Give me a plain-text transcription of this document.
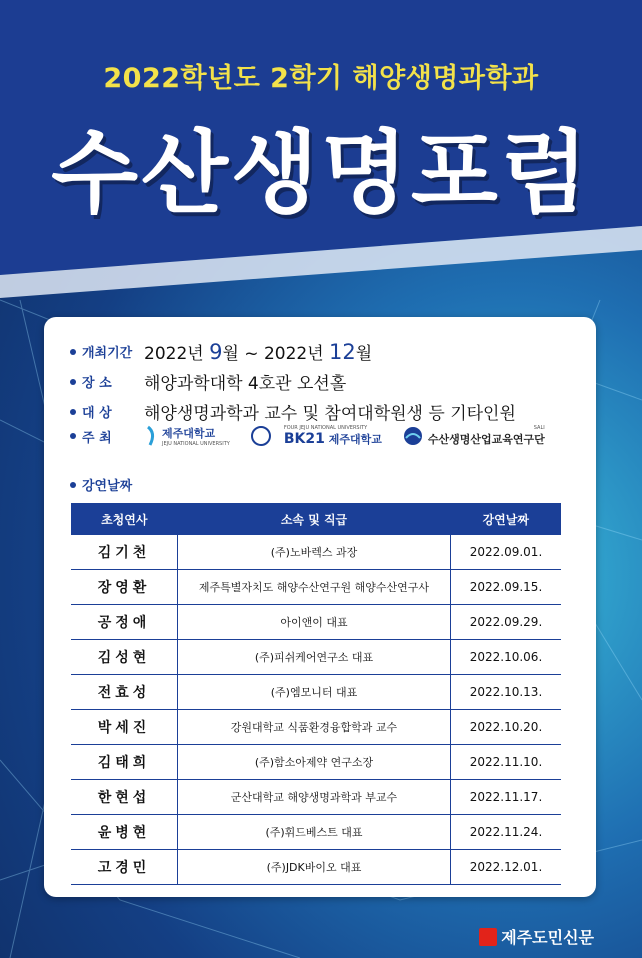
2022학년도 2학기 해양생명과학과
수산생명포럼
개최기간 2022년 9월 ~ 2022년 12월
장 소	해양과학대학 4호관 오션홀
대 상	해양생명과학과 교수 및 참여대학원생 등 기타인원
주 최	제주대학교
JEJU NATIONAL UNIVERSITY
FOUR JEJU NATIONAL UNIVERSITY
BK21 제주대학교
SALI
수산생명산업교육연구단
강연날짜
초청연사	소속 및 직급	강연날짜
김기천	(주)노바렉스 과장	2022.09.01.
장영환	제주특별자치도 해양수산연구원 해양수산연구사	2022.09.15.
공정애	아이앤이 대표	2022.09.29.
김성현	(주)피쉬케어연구소 대표	2022.10.06.
전효성	(주)엠모니터 대표	2022.10.13.
박세진	강원대학교 식품환경융합학과 교수	2022.10.20.
김태희	(주)함소아제약 연구소장	2022.11.10.
한현섭	군산대학교 해양생명과학과 부교수	2022.11.17.
윤병현	(주)휘드베스트 대표	2022.11.24.
고경민	(주)JDK바이오 대표	2022.12.01.
제주도민신문
